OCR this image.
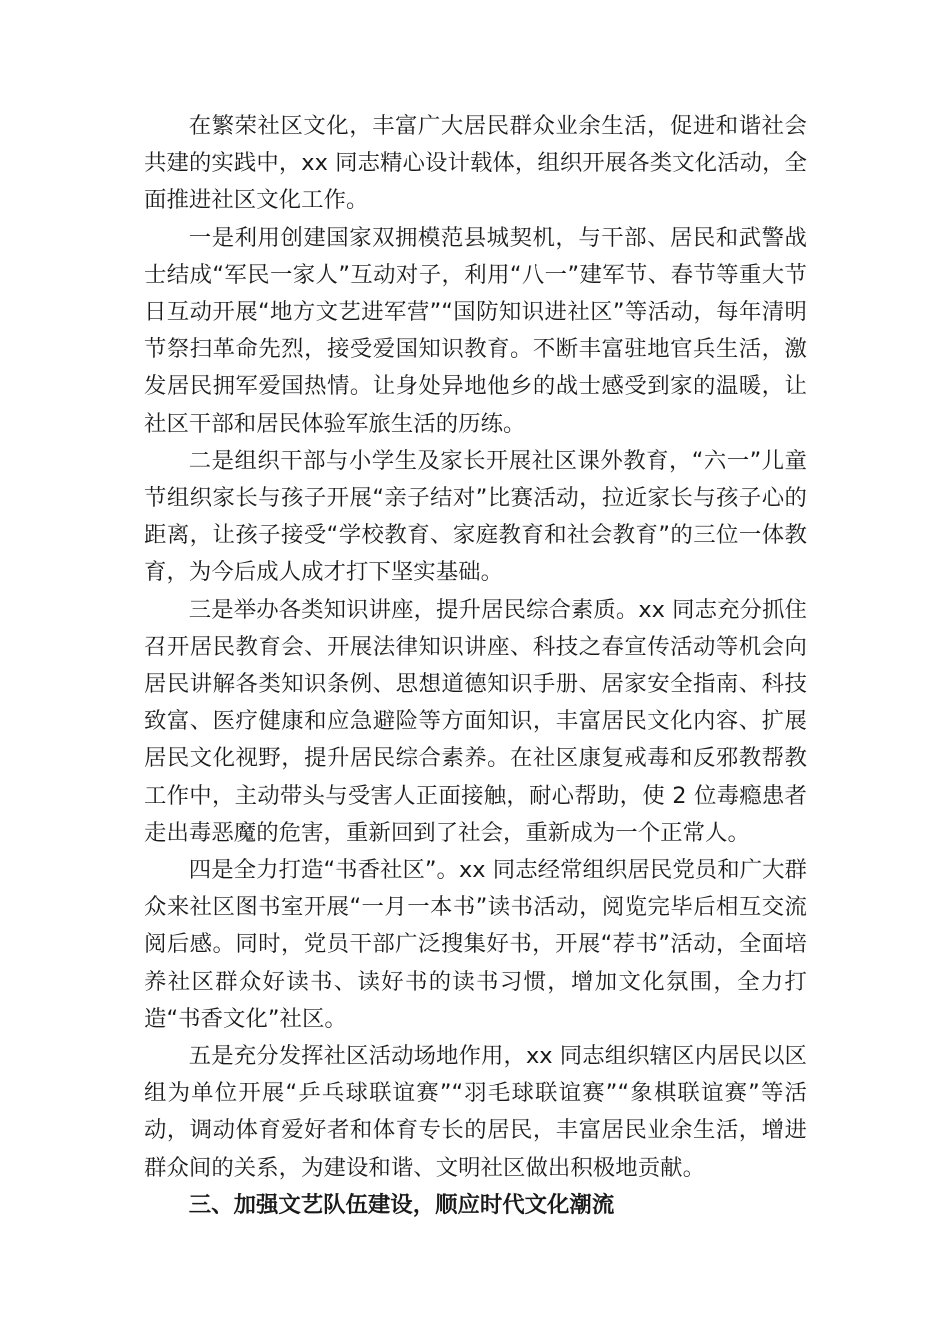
在繁荣社区文化，丰富广大居民群众业余生活，促进和谐社会共建的实践中，xx 同志精心设计载体，组织开展各类文化活动，全面推进社区文化工作。

一是利用创建国家双拥模范县城契机，与干部、居民和武警战士结成“军民一家人”互动对子，利用“八一”建军节、春节等重大节日互动开展“地方文艺进军营”“国防知识进社区”等活动，每年清明节祭扫革命先烈，接受爱国知识教育。不断丰富驻地官兵生活，激发居民拥军爱国热情。让身处异地他乡的战士感受到家的温暖，让社区干部和居民体验军旅生活的历练。

二是组织干部与小学生及家长开展社区课外教育，“六一”儿童节组织家长与孩子开展“亲子结对”比赛活动，拉近家长与孩子心的距离，让孩子接受“学校教育、家庭教育和社会教育”的三位一体教育，为今后成人成才打下坚实基础。

三是举办各类知识讲座，提升居民综合素质。xx 同志充分抓住召开居民教育会、开展法律知识讲座、科技之春宣传活动等机会向居民讲解各类知识条例、思想道德知识手册、居家安全指南、科技致富、医疗健康和应急避险等方面知识，丰富居民文化内容、扩展居民文化视野，提升居民综合素养。在社区康复戒毒和反邪教帮教工作中，主动带头与受害人正面接触，耐心帮助，使 2 位毒瘾患者走出毒恶魔的危害，重新回到了社会，重新成为一个正常人。

四是全力打造“书香社区”。xx 同志经常组织居民党员和广大群众来社区图书室开展“一月一本书”读书活动，阅览完毕后相互交流阅后感。同时，党员干部广泛搜集好书，开展“荐书”活动，全面培养社区群众好读书、读好书的读书习惯，增加文化氛围，全力打造“书香文化”社区。

五是充分发挥社区活动场地作用，xx 同志组织辖区内居民以区组为单位开展“乒乓球联谊赛”“羽毛球联谊赛”“象棋联谊赛”等活动，调动体育爱好者和体育专长的居民，丰富居民业余生活，增进群众间的关系，为建设和谐、文明社区做出积极地贡献。

三、加强文艺队伍建设，顺应时代文化潮流
